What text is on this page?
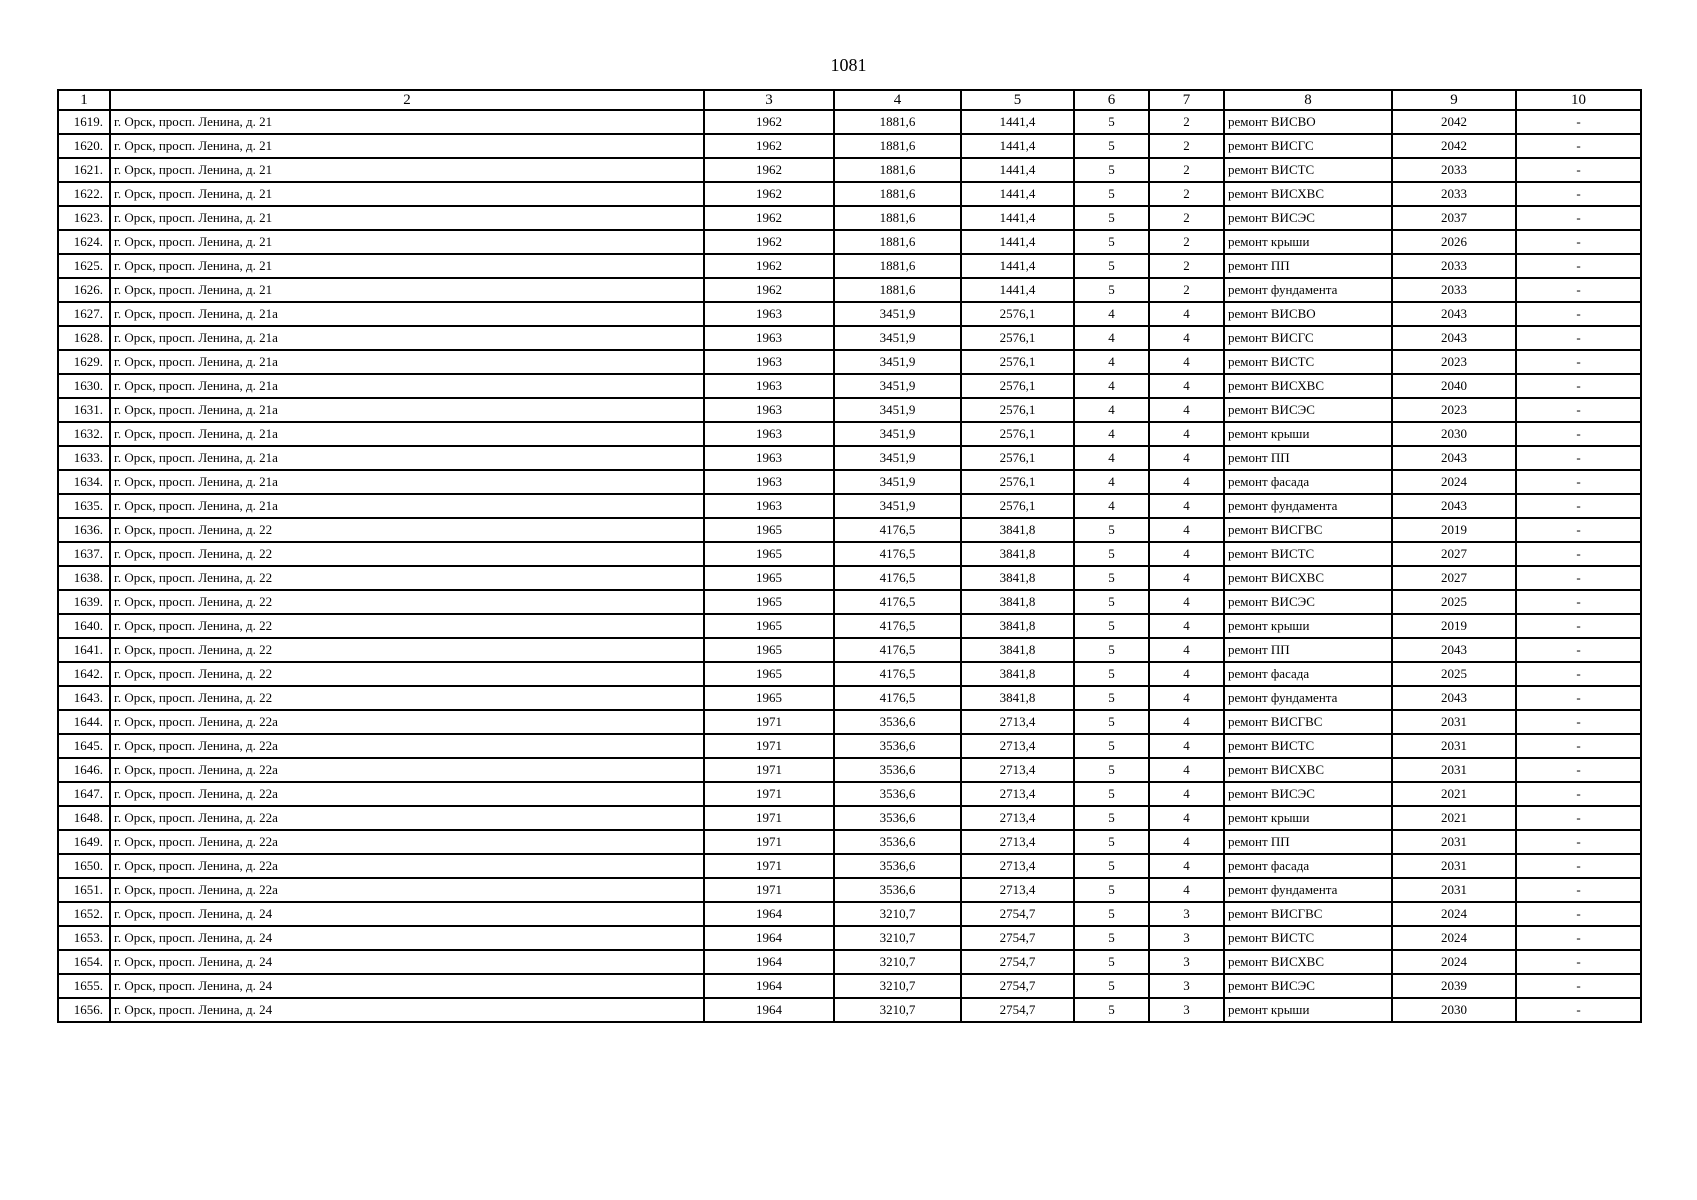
1081
1	2	3	4	5	6	7	8	9	10
1619.	г. Орск, просп. Ленина, д. 21	1962	1881,6	1441,4	5	2	ремонт ВИСВО	2042	-
1620.	г. Орск, просп. Ленина, д. 21	1962	1881,6	1441,4	5	2	ремонт ВИСГС	2042	-
1621.	г. Орск, просп. Ленина, д. 21	1962	1881,6	1441,4	5	2	ремонт ВИСТС	2033	-
1622.	г. Орск, просп. Ленина, д. 21	1962	1881,6	1441,4	5	2	ремонт ВИСХВС	2033	-
1623.	г. Орск, просп. Ленина, д. 21	1962	1881,6	1441,4	5	2	ремонт ВИСЭС	2037	-
1624.	г. Орск, просп. Ленина, д. 21	1962	1881,6	1441,4	5	2	ремонт крыши	2026	-
1625.	г. Орск, просп. Ленина, д. 21	1962	1881,6	1441,4	5	2	ремонт ПП	2033	-
1626.	г. Орск, просп. Ленина, д. 21	1962	1881,6	1441,4	5	2	ремонт фундамента	2033	-
1627.	г. Орск, просп. Ленина, д. 21а	1963	3451,9	2576,1	4	4	ремонт ВИСВО	2043	-
1628.	г. Орск, просп. Ленина, д. 21а	1963	3451,9	2576,1	4	4	ремонт ВИСГС	2043	-
1629.	г. Орск, просп. Ленина, д. 21а	1963	3451,9	2576,1	4	4	ремонт ВИСТС	2023	-
1630.	г. Орск, просп. Ленина, д. 21а	1963	3451,9	2576,1	4	4	ремонт ВИСХВС	2040	-
1631.	г. Орск, просп. Ленина, д. 21а	1963	3451,9	2576,1	4	4	ремонт ВИСЭС	2023	-
1632.	г. Орск, просп. Ленина, д. 21а	1963	3451,9	2576,1	4	4	ремонт крыши	2030	-
1633.	г. Орск, просп. Ленина, д. 21а	1963	3451,9	2576,1	4	4	ремонт ПП	2043	-
1634.	г. Орск, просп. Ленина, д. 21а	1963	3451,9	2576,1	4	4	ремонт фасада	2024	-
1635.	г. Орск, просп. Ленина, д. 21а	1963	3451,9	2576,1	4	4	ремонт фундамента	2043	-
1636.	г. Орск, просп. Ленина, д. 22	1965	4176,5	3841,8	5	4	ремонт ВИСГВС	2019	-
1637.	г. Орск, просп. Ленина, д. 22	1965	4176,5	3841,8	5	4	ремонт ВИСТС	2027	-
1638.	г. Орск, просп. Ленина, д. 22	1965	4176,5	3841,8	5	4	ремонт ВИСХВС	2027	-
1639.	г. Орск, просп. Ленина, д. 22	1965	4176,5	3841,8	5	4	ремонт ВИСЭС	2025	-
1640.	г. Орск, просп. Ленина, д. 22	1965	4176,5	3841,8	5	4	ремонт крыши	2019	-
1641.	г. Орск, просп. Ленина, д. 22	1965	4176,5	3841,8	5	4	ремонт ПП	2043	-
1642.	г. Орск, просп. Ленина, д. 22	1965	4176,5	3841,8	5	4	ремонт фасада	2025	-
1643.	г. Орск, просп. Ленина, д. 22	1965	4176,5	3841,8	5	4	ремонт фундамента	2043	-
1644.	г. Орск, просп. Ленина, д. 22а	1971	3536,6	2713,4	5	4	ремонт ВИСГВС	2031	-
1645.	г. Орск, просп. Ленина, д. 22а	1971	3536,6	2713,4	5	4	ремонт ВИСТС	2031	-
1646.	г. Орск, просп. Ленина, д. 22а	1971	3536,6	2713,4	5	4	ремонт ВИСХВС	2031	-
1647.	г. Орск, просп. Ленина, д. 22а	1971	3536,6	2713,4	5	4	ремонт ВИСЭС	2021	-
1648.	г. Орск, просп. Ленина, д. 22а	1971	3536,6	2713,4	5	4	ремонт крыши	2021	-
1649.	г. Орск, просп. Ленина, д. 22а	1971	3536,6	2713,4	5	4	ремонт ПП	2031	-
1650.	г. Орск, просп. Ленина, д. 22а	1971	3536,6	2713,4	5	4	ремонт фасада	2031	-
1651.	г. Орск, просп. Ленина, д. 22а	1971	3536,6	2713,4	5	4	ремонт фундамента	2031	-
1652.	г. Орск, просп. Ленина, д. 24	1964	3210,7	2754,7	5	3	ремонт ВИСГВС	2024	-
1653.	г. Орск, просп. Ленина, д. 24	1964	3210,7	2754,7	5	3	ремонт ВИСТС	2024	-
1654.	г. Орск, просп. Ленина, д. 24	1964	3210,7	2754,7	5	3	ремонт ВИСХВС	2024	-
1655.	г. Орск, просп. Ленина, д. 24	1964	3210,7	2754,7	5	3	ремонт ВИСЭС	2039	-
1656.	г. Орск, просп. Ленина, д. 24	1964	3210,7	2754,7	5	3	ремонт крыши	2030	-
